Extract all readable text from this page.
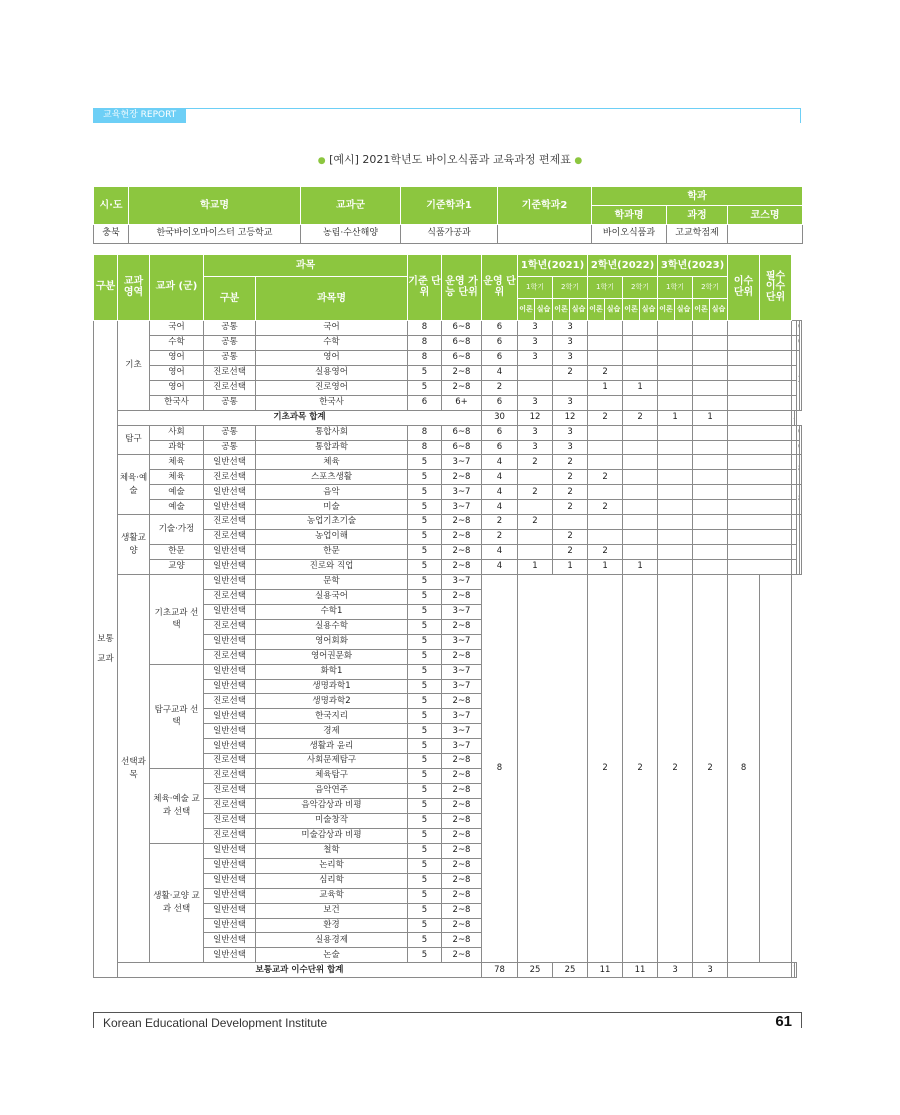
교육현장 REPORT
● [예시] 2021학년도 바이오식품과 교육과정 편제표 ●
시·도	학교명	교과군	기준학과1	기준학과2	학과		
					학과명	과정	코스명
충북	한국바이오마이스터 고등학교	농림·수산해양	식품가공과		바이오식품과	고교학점제	
구분	교과 영역	교과 (군)	과목		기준 단위	운영 가능 단위	운영 단위	1학년(2021)				2학년(2022)				3학년(2023)				이수 단위	필수 이수 단위				
			구분	과목명				1학기		2학기		1학기		2학기		1학기		2학기							
								이론	실습	이론	실습	이론	실습	이론	실습	이론	실습	이론	실습						
보통교과	기초	국어	공통	국어	8	6~8	6	3		3								
		수학	공통	수학	8	6~8	6	3		3							
		영어	공통	영어	8	6~8	6	3		3							
		영어	진로선택	실용영어	5	2~8	4			2		2													
		영어	진로선택	진로영어	5	2~8	2					1		1											
		한국사	공통	한국사	6	6+	6	3		3															
	기초과목 합계						30	12		12		2		2		1		1			
	탐구	사회	공통	통합사회	8	6~8	6	3		3								
		과학	공통	통합과학	8	6~8	6	3		3							
	체육·예술	체육	일반선택	체육	5	3~7	4	2		2								
		체육	진로선택	스포츠생활	5	2~8	4			2		2													
		예술	일반선택	음악	5	3~7	4	2		2								
		예술	일반선택	미술	5	3~7	4			2		2													
	생활교양	기술·가정	진로선택	농업기초기술	5	2~8	2	2									
			진로선택	농업이해	5	2~8	2			2															
		한문	일반선택	한문	5	2~8	4			2		2													
		교양	일반선택	진로와 직업	5	2~8	4	1		1		1		1											
	선택과목	기초교과 선택	일반선택	문학	5	3~7	8					2		2		2		2		8					
			진로선택	실용국어	5	2~8																			
			일반선택	수학1	5	3~7																			
			진로선택	실용수학	5	2~8																			
			일반선택	영어회화	5	3~7																			
			진로선택	영어권문화	5	2~8																			
		탐구교과 선택	일반선택	화학1	5	3~7																			
			일반선택	생명과학1	5	3~7																			
			진로선택	생명과학2	5	2~8																			
			일반선택	한국지리	5	3~7																			
			일반선택	경제	5	3~7																			
			일반선택	생활과 윤리	5	3~7																			
			진로선택	사회문제탐구	5	2~8																			
		체육·예술 교과 선택	진로선택	체육탐구	5	2~8																			
			진로선택	음악연주	5	2~8																			
			진로선택	음악감상과 비평	5	2~8																			
			진로선택	미술창작	5	2~8																			
			진로선택	미술감상과 비평	5	2~8																			
		생활·교양 교과 선택	일반선택	철학	5	2~8																			
			일반선택	논리학	5	2~8																			
			일반선택	심리학	5	2~8																			
			일반선택	교육학	5	2~8																			
			일반선택	보건	5	2~8																			
			일반선택	환경	5	2~8																			
			일반선택	실용경제	5	2~8																			
			일반선택	논술	5	2~8																			
	보통교과 이수단위 합계						78	25		25		11		11		3		3			
Korean Educational Development Institute	61
